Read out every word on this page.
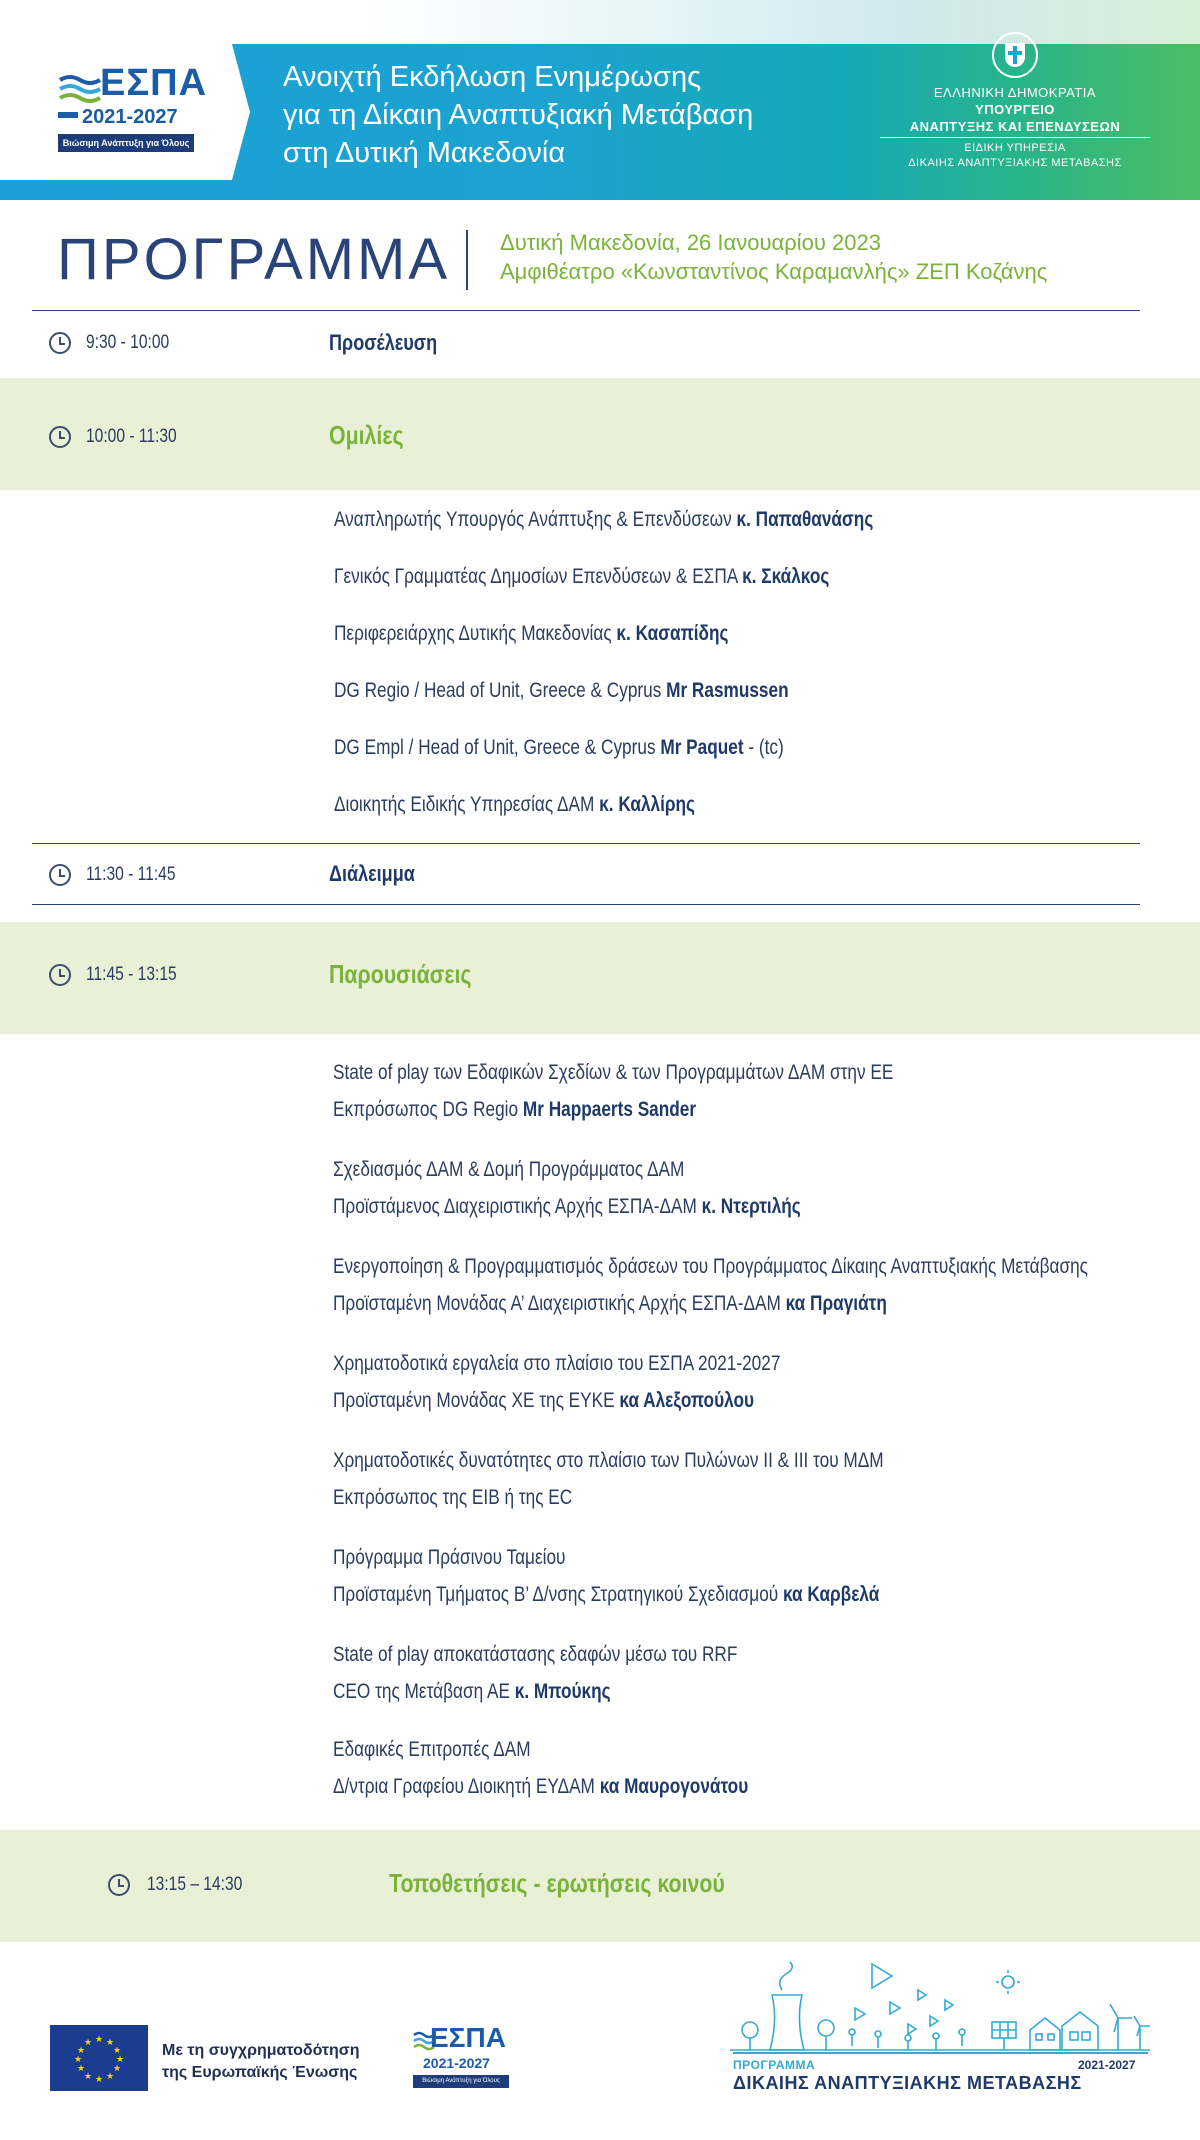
ΕΣΠΑ
2021-2027
Βιώσιμη Ανάπτυξη για Όλους
Ανοιχτή Εκδήλωση Ενημέρωσης
για τη Δίκαιη Αναπτυξιακή Μετάβαση
στη Δυτική Μακεδονία
ΕΛΛΗΝΙΚΗ ΔΗΜΟΚΡΑΤΙΑ
ΥΠΟΥΡΓΕΙΟ
ΑΝΑΠΤΥΞΗΣ ΚΑΙ ΕΠΕΝΔΥΣΕΩΝ
ΕΙΔΙΚΗ ΥΠΗΡΕΣΙΑ
ΔΙΚΑΙΗΣ ΑΝΑΠΤΥΞΙΑΚΗΣ ΜΕΤΑΒΑΣΗΣ
ΠΡΟΓΡΑΜΜΑ Δυτική Μακεδονία, 26 Ιανουαρίου 2023
Αμφιθέατρο «Κωνσταντίνος Καραμανλής» ΖΕΠ Κοζάνης
9:30 - 10:00	Προσέλευση
10:00 - 11:30	Ομιλίες
Αναπληρωτής Υπουργός Ανάπτυξης & Επενδύσεων κ. Παπαθανάσης
Γενικός Γραμματέας Δημοσίων Επενδύσεων & ΕΣΠΑ κ. Σκάλκος
Περιφερειάρχης Δυτικής Μακεδονίας κ. Κασαπίδης
DG Regio / Head of Unit, Greece & Cyprus Mr Rasmussen
DG Empl / Head of Unit, Greece & Cyprus Mr Paquet - (tc)
Διοικητής Ειδικής Υπηρεσίας ΔΑΜ κ. Καλλίρης
11:30 - 11:45	Διάλειμμα
11:45 - 13:15	Παρουσιάσεις
State of play των Εδαφικών Σχεδίων & των Προγραμμάτων ΔΑΜ στην ΕΕ
Εκπρόσωπος DG Regio Mr Happaerts Sander
Σχεδιασμός ΔΑΜ & Δομή Προγράμματος ΔΑΜ
Προϊστάμενος Διαχειριστικής Αρχής ΕΣΠΑ-ΔΑΜ κ. Ντερτιλής
Ενεργοποίηση & Προγραμματισμός δράσεων του Προγράμματος Δίκαιης Αναπτυξιακής Μετάβασης
Προϊσταμένη Μονάδας Α’ Διαχειριστικής Αρχής ΕΣΠΑ-ΔΑΜ κα Πραγιάτη
Χρηματοδοτικά εργαλεία στο πλαίσιο του ΕΣΠΑ 2021-2027
Προϊσταμένη Μονάδας ΧΕ της ΕΥΚΕ κα Αλεξοπούλου
Χρηματοδοτικές δυνατότητες στο πλαίσιο των Πυλώνων ΙΙ & ΙΙΙ του ΜΔΜ
Εκπρόσωπος της EIB ή της EC
Πρόγραμμα Πράσινου Ταμείου
Προϊσταμένη Τμήματος Β’ Δ/νσης Στρατηγικού Σχεδιασμού κα Καρβελά
State of play αποκατάστασης εδαφών μέσω του RRF
CEO της Μετάβαση ΑΕ κ. Μπούκης
Εδαφικές Επιτροπές ΔΑΜ
Δ/ντρια Γραφείου Διοικητή ΕΥΔΑΜ κα Μαυρογονάτου
13:15 – 14:30	Τοποθετήσεις - ερωτήσεις κοινού
★ ★
★
★
★
★
★
★
★
★
★
★	Με τη συγχρηματοδότηση
της Ευρωπαϊκής Ένωσης
ΕΣΠΑ
2021-2027
Βιώσιμη Ανάπτυξη για Όλους
ΠΡΟΓΡΑΜΜΑ	2021-2027
ΔΙΚΑΙΗΣ ΑΝΑΠΤΥΞΙΑΚΗΣ ΜΕΤΑΒΑΣΗΣ
